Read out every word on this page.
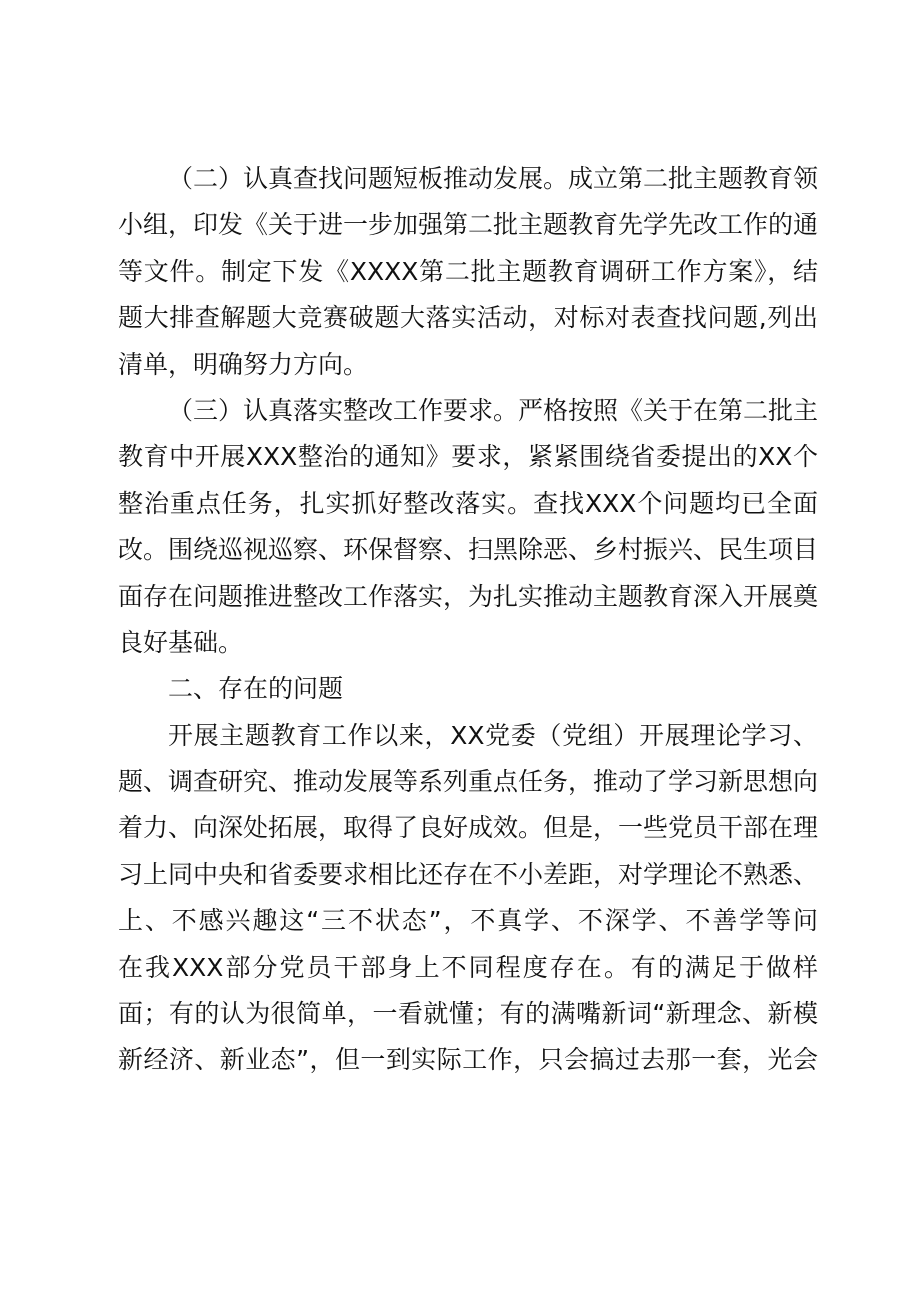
（二）认真查找问题短板推动发展。成立第二批主题教育领
小组，印发《关于进一步加强第二批主题教育先学先改工作的通
等文件。制定下发《XXXX第二批主题教育调研工作方案》，结
题大排查解题大竞赛破题大落实活动，对标对表查找问题,列出
清单，明确努力方向。
（三）认真落实整改工作要求。严格按照《关于在第二批主
教育中开展XXX整治的通知》要求，紧紧围绕省委提出的XX个
整治重点任务，扎实抓好整改落实。查找XXX个问题均已全面
改。围绕巡视巡察、环保督察、扫黑除恶、乡村振兴、民生项目
面存在问题推进整改工作落实，为扎实推动主题教育深入开展奠
良好基础。
二、存在的问题
开展主题教育工作以来，XX党委（党组）开展理论学习、
题、调查研究、推动发展等系列重点任务，推动了学习新思想向
着力、向深处拓展，取得了良好成效。但是，一些党员干部在理
习上同中央和省委要求相比还存在不小差距，对学理论不熟悉、
上、不感兴趣这“三不状态”，不真学、不深学、不善学等问
在我XXX部分党员干部身上不同程度存在。有的满足于做样
面；有的认为很简单，一看就懂；有的满嘴新词“新理念、新模
新经济、新业态”，但一到实际工作，只会搞过去那一套，光会
